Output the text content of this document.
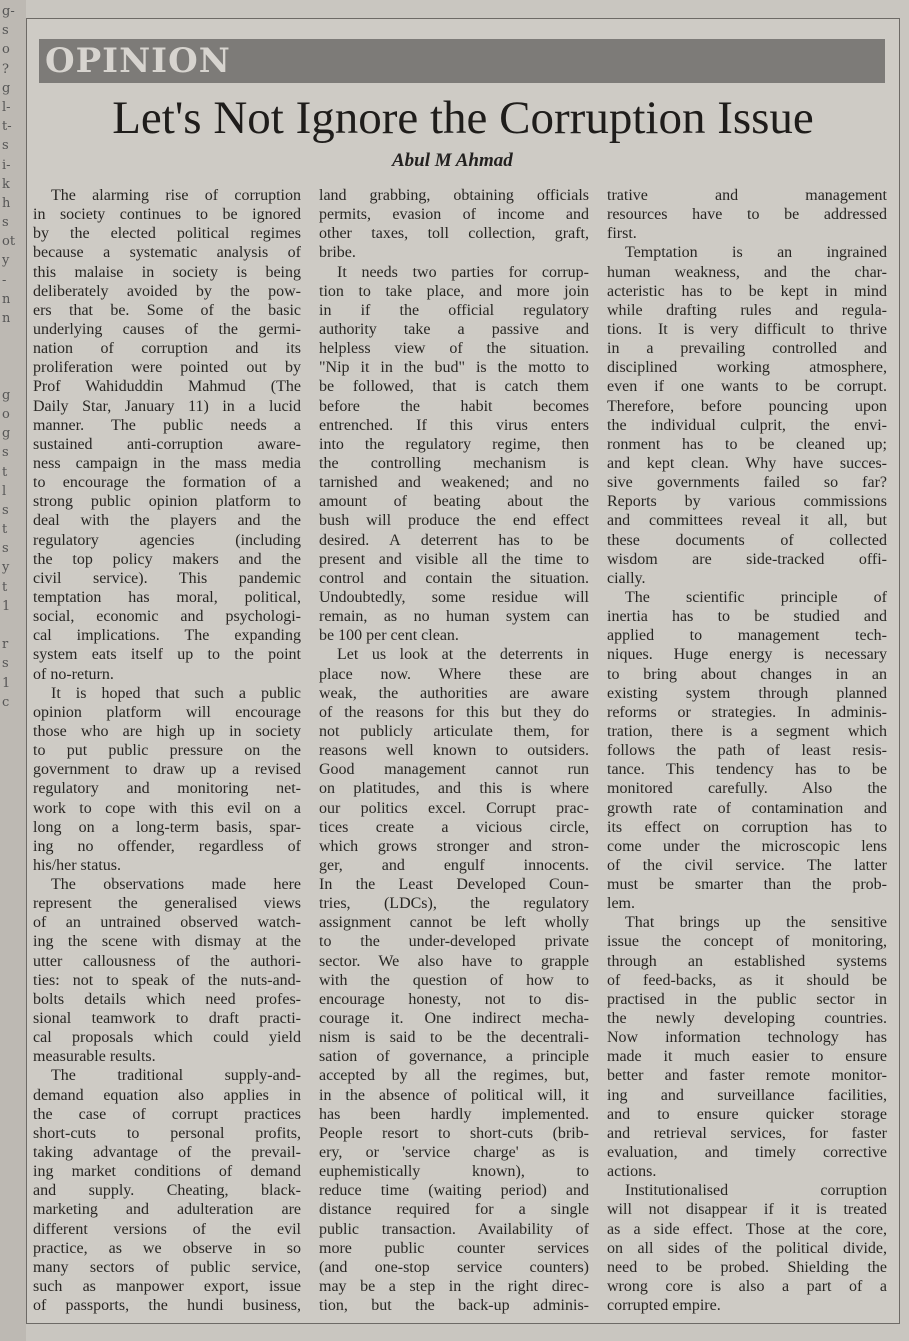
g-
s
o
?
g
l-
t-
s
i-
k
h
s
ot
y
-
n
n
g
o
g
s
t
l
s
t
s
y
t
1
r
s
1
c
OPINION
Let's Not Ignore the Corruption Issue
Abul M Ahmad
The alarming rise of corruption
in society continues to be ignored
by the elected political regimes
because a systematic analysis of
this malaise in society is being
deliberately avoided by the pow-
ers that be. Some of the basic
underlying causes of the germi-
nation of corruption and its
proliferation were pointed out by
Prof Wahiduddin Mahmud (The
Daily Star, January 11) in a lucid
manner. The public needs a
sustained anti-corruption aware-
ness campaign in the mass media
to encourage the formation of a
strong public opinion platform to
deal with the players and the
regulatory agencies (including
the top policy makers and the
civil service). This pandemic
temptation has moral, political,
social, economic and psychologi-
cal implications. The expanding
system eats itself up to the point
of no-return.
It is hoped that such a public
opinion platform will encourage
those who are high up in society
to put public pressure on the
government to draw up a revised
regulatory and monitoring net-
work to cope with this evil on a
long on a long-term basis, spar-
ing no offender, regardless of
his/her status.
The observations made here
represent the generalised views
of an untrained observed watch-
ing the scene with dismay at the
utter callousness of the authori-
ties: not to speak of the nuts-and-
bolts details which need profes-
sional teamwork to draft practi-
cal proposals which could yield
measurable results.
The traditional supply-and-
demand equation also applies in
the case of corrupt practices
short-cuts to personal profits,
taking advantage of the prevail-
ing market conditions of demand
and supply. Cheating, black-
marketing and adulteration are
different versions of the evil
practice, as we observe in so
many sectors of public service,
such as manpower export, issue
of passports, the hundi business,
land grabbing, obtaining officials
permits, evasion of income and
other taxes, toll collection, graft,
bribe.
It needs two parties for corrup-
tion to take place, and more join
in if the official regulatory
authority take a passive and
helpless view of the situation.
"Nip it in the bud" is the motto to
be followed, that is catch them
before the habit becomes
entrenched. If this virus enters
into the regulatory regime, then
the controlling mechanism is
tarnished and weakened; and no
amount of beating about the
bush will produce the end effect
desired. A deterrent has to be
present and visible all the time to
control and contain the situation.
Undoubtedly, some residue will
remain, as no human system can
be 100 per cent clean.
Let us look at the deterrents in
place now. Where these are
weak, the authorities are aware
of the reasons for this but they do
not publicly articulate them, for
reasons well known to outsiders.
Good management cannot run
on platitudes, and this is where
our politics excel. Corrupt prac-
tices create a vicious circle,
which grows stronger and stron-
ger, and engulf innocents.
In the Least Developed Coun-
tries, (LDCs), the regulatory
assignment cannot be left wholly
to the under-developed private
sector. We also have to grapple
with the question of how to
encourage honesty, not to dis-
courage it. One indirect mecha-
nism is said to be the decentrali-
sation of governance, a principle
accepted by all the regimes, but,
in the absence of political will, it
has been hardly implemented.
People resort to short-cuts (brib-
ery, or 'service charge' as is
euphemistically known), to
reduce time (waiting period) and
distance required for a single
public transaction. Availability of
more public counter services
(and one-stop service counters)
may be a step in the right direc-
tion, but the back-up adminis-
trative and management
resources have to be addressed
first.
Temptation is an ingrained
human weakness, and the char-
acteristic has to be kept in mind
while drafting rules and regula-
tions. It is very difficult to thrive
in a prevailing controlled and
disciplined working atmosphere,
even if one wants to be corrupt.
Therefore, before pouncing upon
the individual culprit, the envi-
ronment has to be cleaned up;
and kept clean. Why have succes-
sive governments failed so far?
Reports by various commissions
and committees reveal it all, but
these documents of collected
wisdom are side-tracked offi-
cially.
The scientific principle of
inertia has to be studied and
applied to management tech-
niques. Huge energy is necessary
to bring about changes in an
existing system through planned
reforms or strategies. In adminis-
tration, there is a segment which
follows the path of least resis-
tance. This tendency has to be
monitored carefully. Also the
growth rate of contamination and
its effect on corruption has to
come under the microscopic lens
of the civil service. The latter
must be smarter than the prob-
lem.
That brings up the sensitive
issue the concept of monitoring,
through an established systems
of feed-backs, as it should be
practised in the public sector in
the newly developing countries.
Now information technology has
made it much easier to ensure
better and faster remote monitor-
ing and surveillance facilities,
and to ensure quicker storage
and retrieval services, for faster
evaluation, and timely corrective
actions.
Institutionalised corruption
will not disappear if it is treated
as a side effect. Those at the core,
on all sides of the political divide,
need to be probed. Shielding the
wrong core is also a part of a
corrupted empire.
